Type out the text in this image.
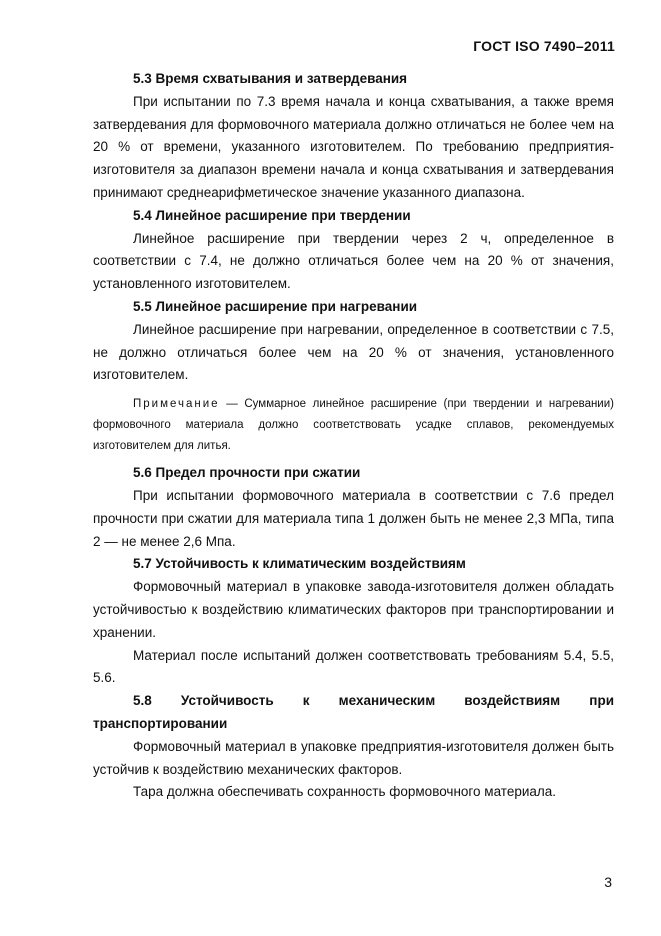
ГОСТ ISO 7490–2011

5.3 Время схватывания и затвердевания

При испытании по 7.3 время начала и конца схватывания, а также время затвердевания для формовочного материала должно отличаться не более чем на 20 % от времени, указанного изготовителем. По требованию предприятия-изготовителя за диапазон времени начала и конца схватывания и затвердевания принимают среднеарифметическое значение указанного диапазона.

5.4 Линейное расширение при твердении

Линейное расширение при твердении через 2 ч, определенное в соответствии с 7.4, не должно отличаться более чем на 20 % от значения, установленного изготовителем.

5.5 Линейное расширение при нагревании

Линейное расширение при нагревании, определенное в соответствии с 7.5, не должно отличаться более чем на 20 % от значения, установленного изготовителем.

Примечание — Суммарное линейное расширение (при твердении и нагревании) формовочного материала должно соответствовать усадке сплавов, рекомендуемых изготовителем для литья.

5.6 Предел прочности при сжатии

При испытании формовочного материала в соответствии с 7.6 предел прочности при сжатии для материала типа 1 должен быть не менее 2,3 МПа, типа 2 — не менее 2,6 Мпа.

5.7 Устойчивость к климатическим воздействиям

Формовочный материал в упаковке завода-изготовителя должен обладать устойчивостью к воздействию климатических факторов при транспортировании и хранении.

Материал после испытаний должен соответствовать требованиям 5.4, 5.5, 5.6.

5.8 Устойчивость к механическим воздействиям при

транспортировании

Формовочный материал в упаковке предприятия-изготовителя должен быть устойчив к воздействию механических факторов.

Тара должна обеспечивать сохранность формовочного материала.

3
